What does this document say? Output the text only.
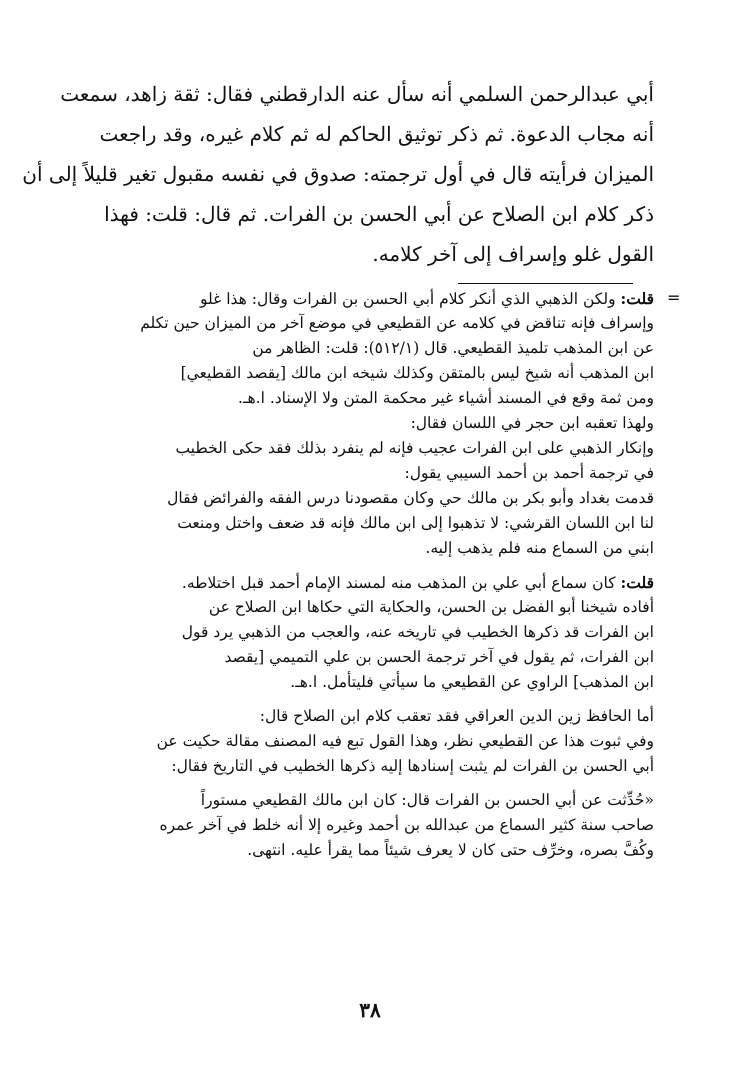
أبي عبدالرحمن السلمي أنه سأل عنه الدارقطني فقال: ثقة زاهد، سمعت
أنه مجاب الدعوة. ثم ذكر توثيق الحاكم له ثم كلام غيره، وقد راجعت
الميزان فرأيته قال في أول ترجمته: صدوق في نفسه مقبول تغير قليلاً إلى أن
ذكر كلام ابن الصلاح عن أبي الحسن بن الفرات. ثم قال: قلت: فهذا
القول غلو وإسراف إلى آخر كلامه.
=
قلت: ولكن الذهبي الذي أنكر كلام أبي الحسن بن الفرات وقال: هذا غلو
وإسراف فإنه تناقض في كلامه عن القطيعي في موضع آخر من الميزان حين تكلم
عن ابن المذهب تلميذ القطيعي. قال (٥١٢/١): قلت: الظاهر من
ابن المذهب أنه شيخ ليس بالمتقن وكذلك شيخه ابن مالك [يقصد القطيعي]
ومن ثمة وقع في المسند أشياء غير محكمة المتن ولا الإسناد. ا.هـ.
ولهذا تعقبه ابن حجر في اللسان فقال:
وإنكار الذهبي على ابن الفرات عجيب فإنه لم ينفرد بذلك فقد حكى الخطيب
في ترجمة أحمد بن أحمد السيبي يقول:
قدمت بغداد وأبو بكر بن مالك حي وكان مقصودنا درس الفقه والفرائض فقال
لنا ابن اللسان القرشي: لا تذهبوا إلى ابن مالك فإنه قد ضعف واختل ومنعت
ابني من السماع منه فلم يذهب إليه.
قلت: كان سماع أبي علي بن المذهب منه لمسند الإمام أحمد قبل اختلاطه.
أفاده شيخنا أبو الفضل بن الحسن، والحكاية التي حكاها ابن الصلاح عن
ابن الفرات قد ذكرها الخطيب في تاريخه عنه، والعجب من الذهبي يرد قول
ابن الفرات، ثم يقول في آخر ترجمة الحسن بن علي التميمي [يقصد
ابن المذهب] الراوي عن القطيعي ما سيأتي فليتأمل. ا.هـ.
أما الحافظ زين الدين العراقي فقد تعقب كلام ابن الصلاح قال:
وفي ثبوت هذا عن القطيعي نظر، وهذا القول تبع فيه المصنف مقالة حكيت عن
أبي الحسن بن الفرات لم يثبت إسنادها إليه ذكرها الخطيب في التاريخ فقال:
«حُدِّثت عن أبي الحسن بن الفرات قال: كان ابن مالك القطيعي مستوراً
صاحب سنة كثير السماع من عبدالله بن أحمد وغيره إلا أنه خلط في آخر عمره
وكُفَّ بصره، وخرِّف حتى كان لا يعرف شيئاً مما يقرأ عليه. انتهى.
٣٨
